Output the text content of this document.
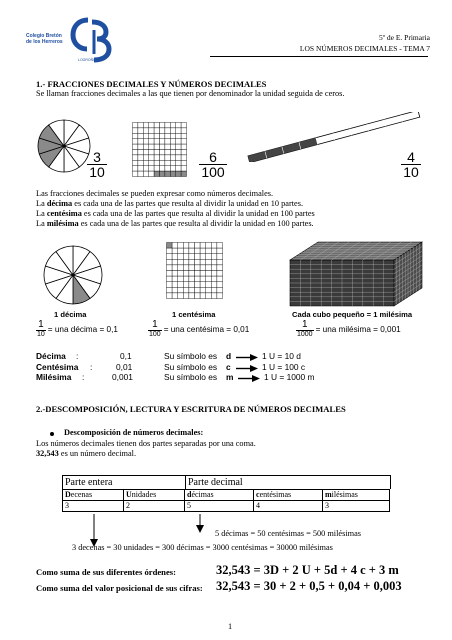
Colegio Bretón
de los Herreros
LOGROÑO
5º de E. Primaria
LOS NÚMEROS DECIMALES - TEMA 7
1.- FRACCIONES DECIMALES Y NÚMEROS DECIMALES
Se llaman fracciones decimales a las que tienen por denominador la unidad seguida de ceros.
3
10
6
100
4
10
Las fracciones decimales se pueden expresar como números decimales.
La décima es cada una de las partes que resulta al dividir la unidad en 10 partes.
La centésima es cada una de las partes que resulta al dividir la unidad en 100 partes
La milésima es cada una de las partes que resulta al dividir la unidad en 100 partes.
1 décima	1 centésima	Cada cubo pequeño = 1 milésima
1
10
= una décima = 0,1	1
100
= una centésima = 0,01	1
1000
= una milésima = 0,001
Décima :	0,1	Su símbolo es d	1 U = 10 d
Centésima :	0,01	Su símbolo es c	1 U = 100 c
Milésima :	0,001	Su símbolo es m	1 U = 1000 m
2.-DESCOMPOSICIÓN, LECTURA Y ESCRITURA DE NÚMEROS DECIMALES
Descomposición de números decimales:
Los números decimales tienen dos partes separadas por una coma.
32,543 es un número decimal.
Parte entera	Parte decimal
Decenas	Unidades	décimas	centésimas	milésimas
3	2	5	4	3
5 décimas = 50 centésimas = 500 milésimas
3 decenas = 30 unidades = 300 décimas = 3000 centésimas = 30000 milésimas
Como suma de sus diferentes órdenes:	32,543 = 3D + 2 U + 5d + 4 c + 3 m
Como suma del valor posicional de sus cifras: 32,543 = 30 + 2 + 0,5 + 0,04 + 0,003
1
